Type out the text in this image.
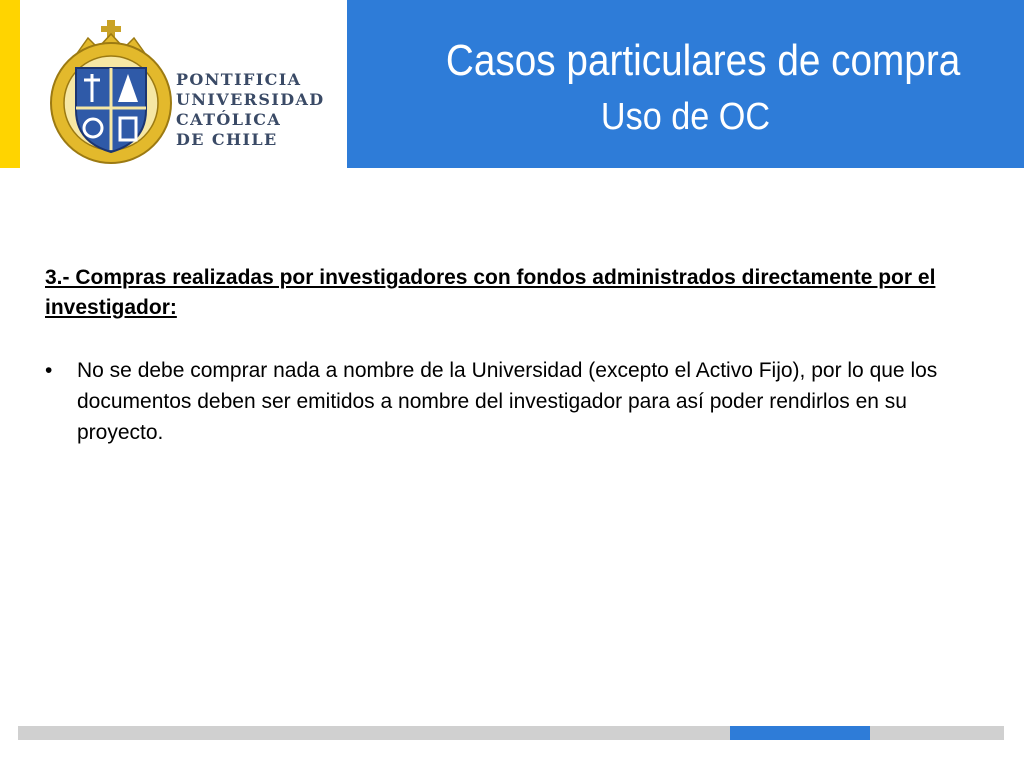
PONTIFICIA
UNIVERSIDAD
CATÓLICA
DE CHILE
Casos particulares de compra
Uso de OC

3.- Compras realizadas por investigadores con fondos administrados directamente por el investigador:

•	No se debe comprar nada a nombre de la Universidad (excepto el Activo Fijo), por lo que los documentos deben ser emitidos a nombre del investigador para así poder rendirlos en su proyecto.
